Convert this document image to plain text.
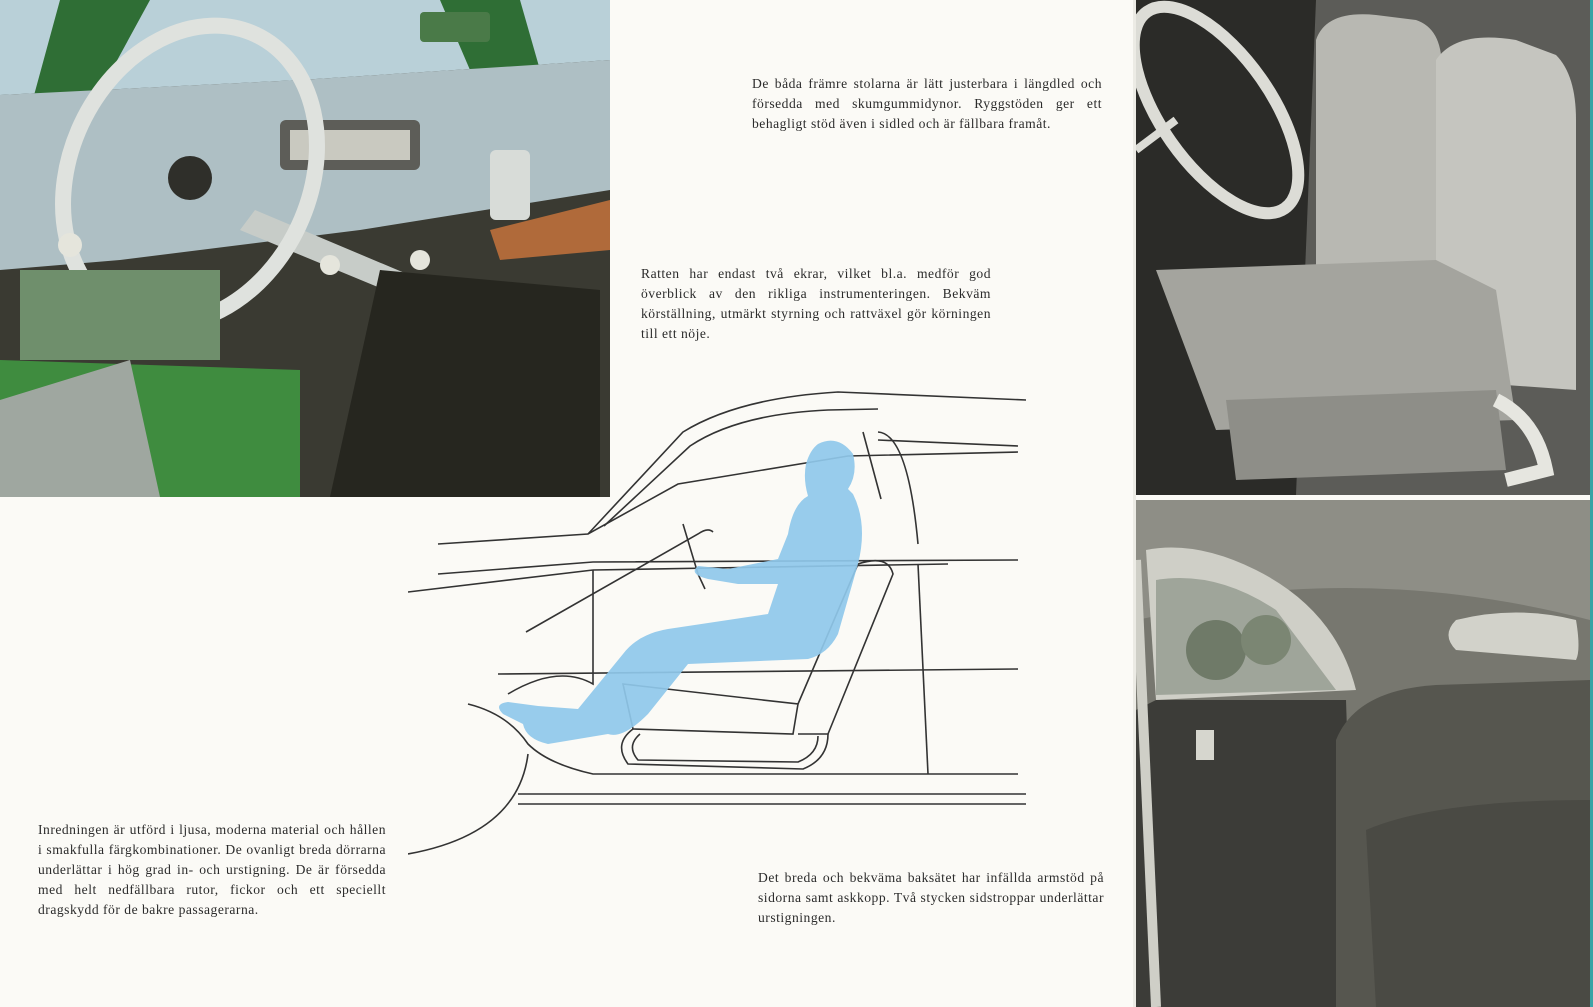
De båda främre stolarna är lätt justerbara i längdled och försedda med skumgummidynor. Ryggstöden ger ett behagligt stöd även i sidled och är fällbara framåt.

Ratten har endast två ekrar, vilket bl.a. medför god överblick av den rikliga instrumenteringen. Bekväm körställning, utmärkt styrning och rattväxel gör körningen till ett nöje.

Inredningen är utförd i ljusa, moderna material och hållen i smakfulla färgkombinationer. De ovanligt breda dörrarna underlättar i hög grad in- och urstigning. De är försedda med helt nedfällbara rutor, fickor och ett speciellt dragskydd för de bakre passagerarna.

Det breda och bekväma baksätet har infällda armstöd på sidorna samt askkopp. Två stycken sidstroppar underlättar urstigningen.
